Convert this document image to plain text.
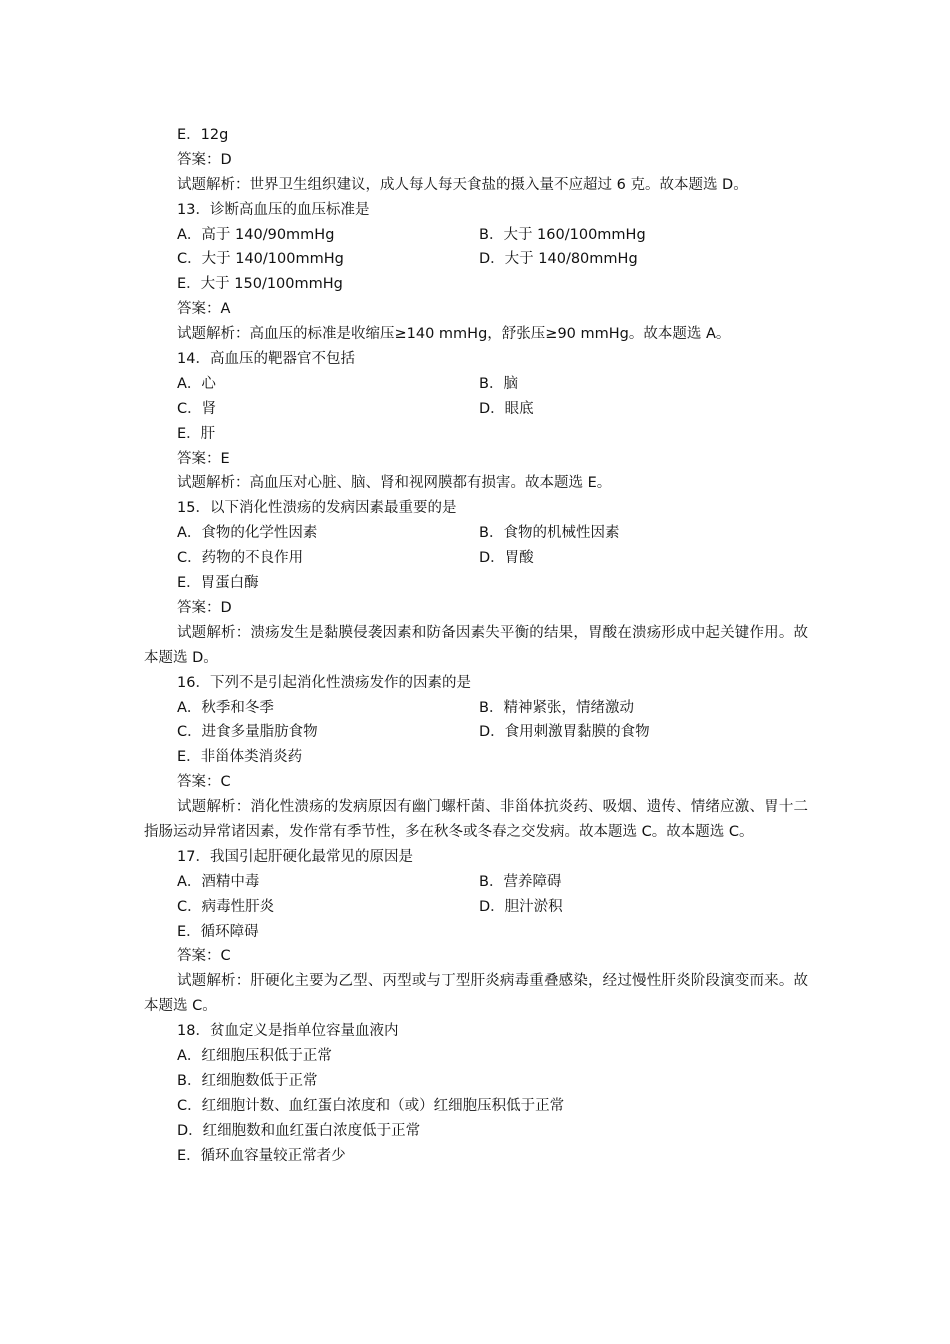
E．12g
答案：D
试题解析：世界卫生组织建议，成人每人每天食盐的摄入量不应超过 6 克。故本题选 D。
13．诊断高血压的血压标准是
A．高于 140/90mmHg	B．大于 160/100mmHg
C．大于 140/100mmHg	D．大于 140/80mmHg
E．大于 150/100mmHg
答案：A
试题解析：高血压的标准是收缩压≥140 mmHg，舒张压≥90 mmHg。故本题选 A。
14．高血压的靶器官不包括
A．心	B．脑
C．肾	D．眼底
E．肝
答案：E
试题解析：高血压对心脏、脑、肾和视网膜都有损害。故本题选 E。
15．以下消化性溃疡的发病因素最重要的是
A．食物的化学性因素	B．食物的机械性因素
C．药物的不良作用	D．胃酸
E．胃蛋白酶
答案：D
试题解析：溃疡发生是黏膜侵袭因素和防备因素失平衡的结果，胃酸在溃疡形成中起关键作用。故本题选 D。
16．下列不是引起消化性溃疡发作的因素的是
A．秋季和冬季	B．精神紧张，情绪激动
C．进食多量脂肪食物	D．食用刺激胃黏膜的食物
E．非甾体类消炎药
答案：C
试题解析：消化性溃疡的发病原因有幽门螺杆菌、非甾体抗炎药、吸烟、遗传、情绪应激、胃十二指肠运动异常诸因素，发作常有季节性，多在秋冬或冬春之交发病。故本题选 C。故本题选 C。
17．我国引起肝硬化最常见的原因是
A．酒精中毒	B．营养障碍
C．病毒性肝炎	D．胆汁淤积
E．循环障碍
答案：C
试题解析：肝硬化主要为乙型、丙型或与丁型肝炎病毒重叠感染，经过慢性肝炎阶段演变而来。故本题选 C。
18．贫血定义是指单位容量血液内
A．红细胞压积低于正常
B．红细胞数低于正常
C．红细胞计数、血红蛋白浓度和（或）红细胞压积低于正常
D．红细胞数和血红蛋白浓度低于正常
E．循环血容量较正常者少
